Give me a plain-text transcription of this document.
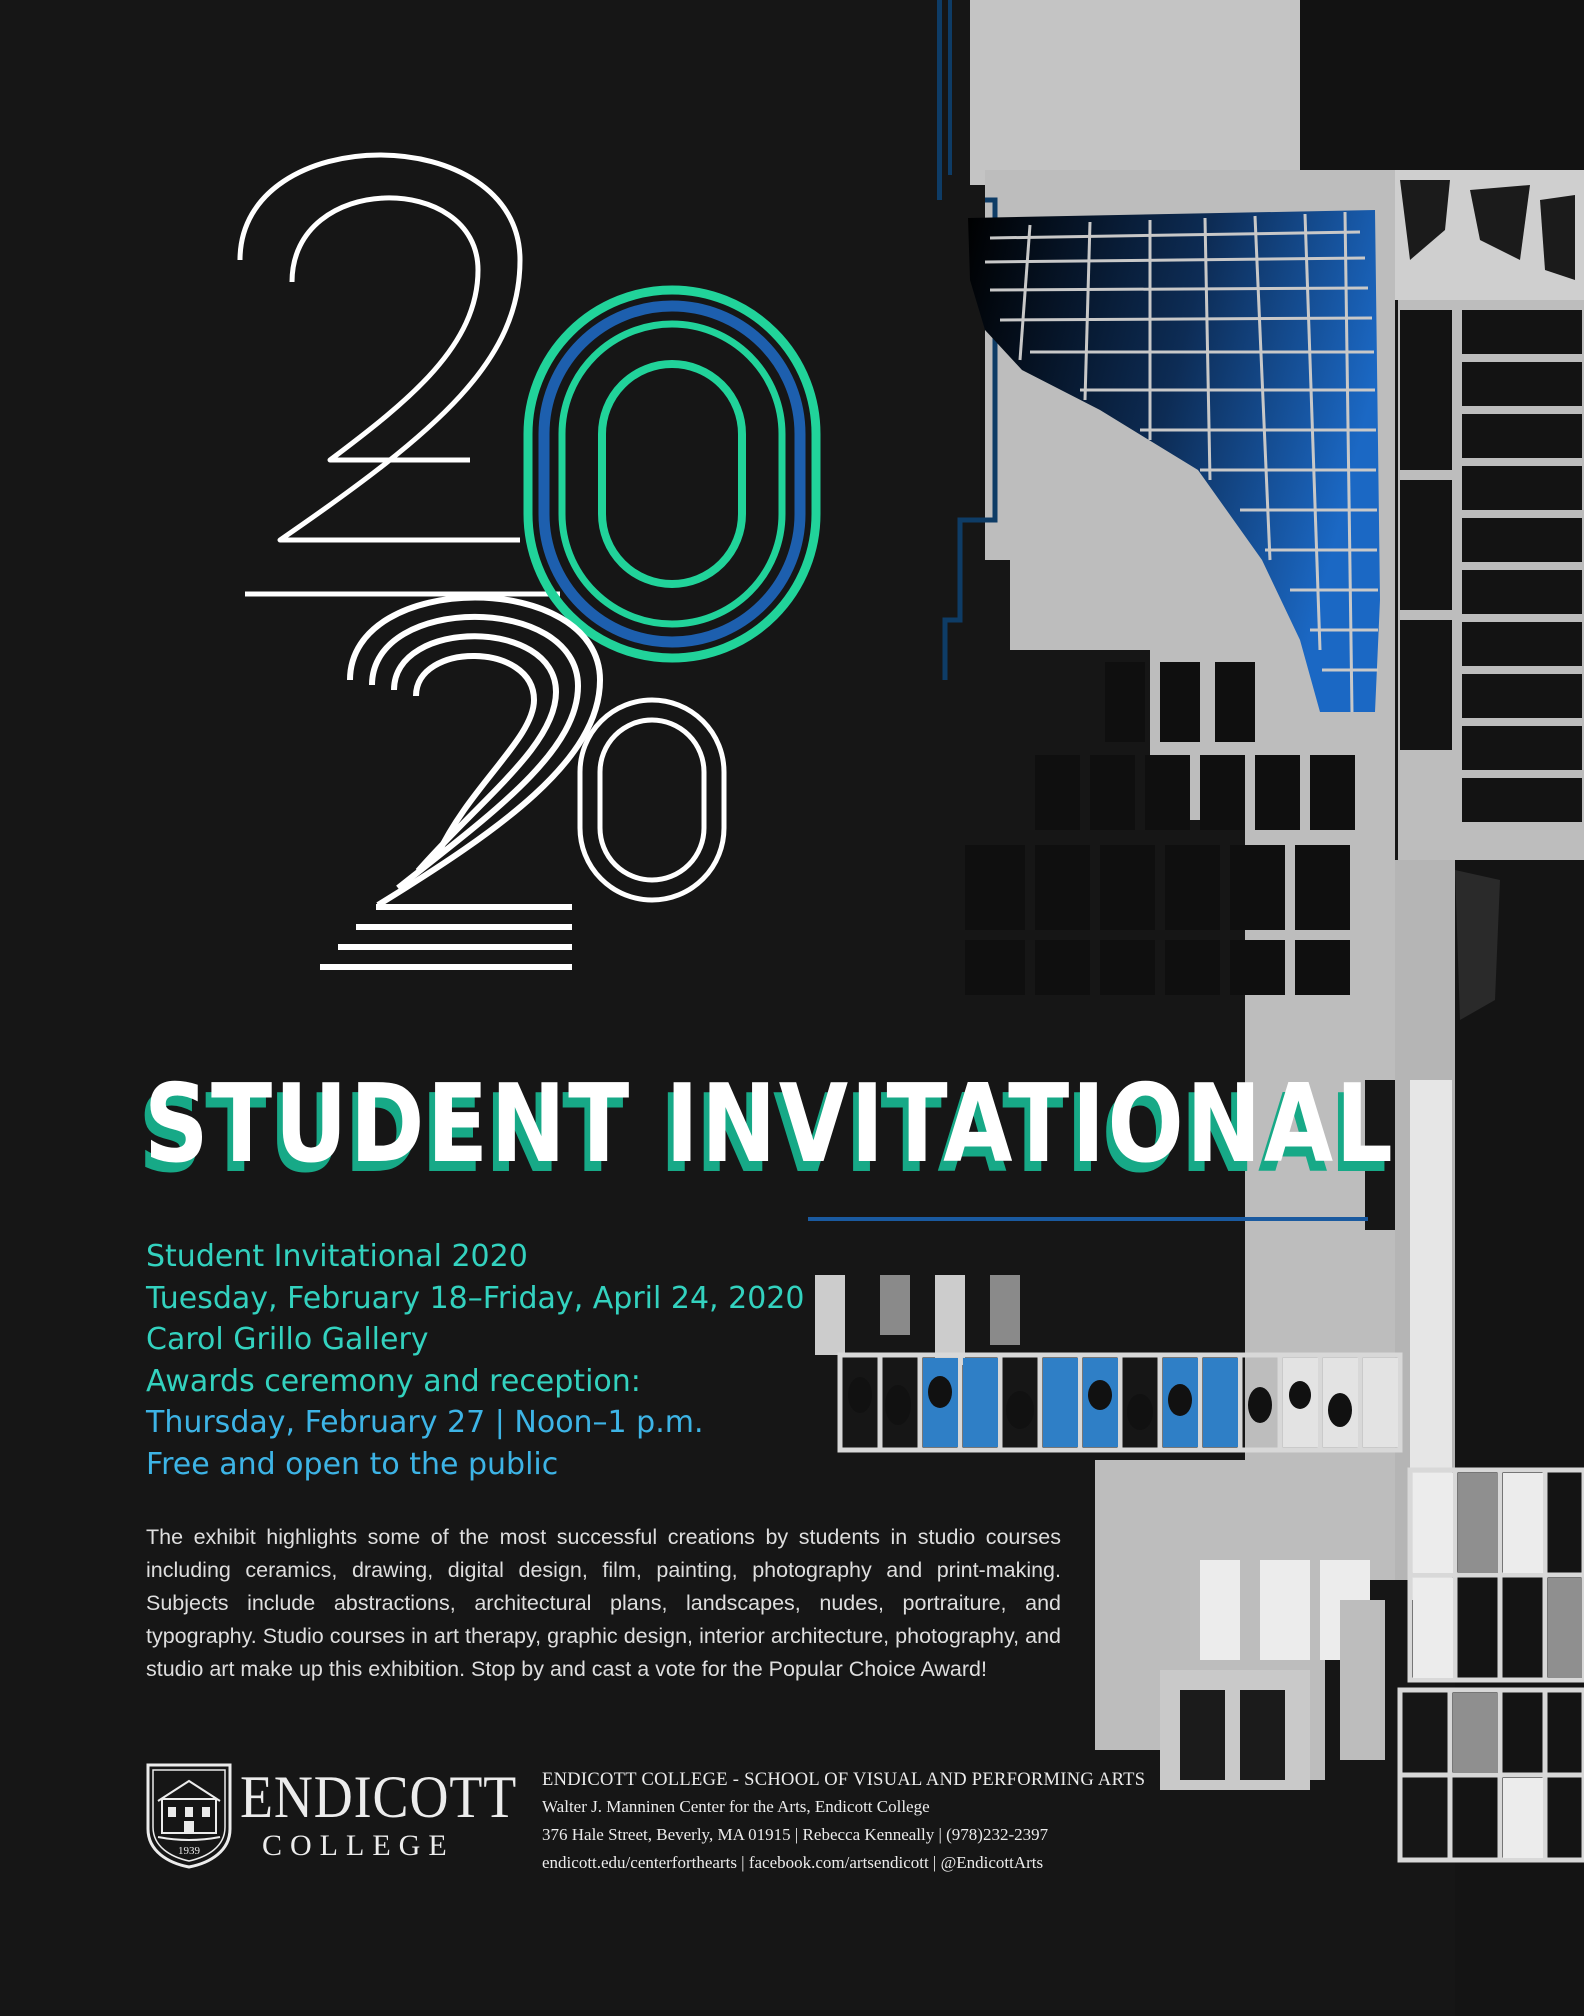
STUDENT INVITATIONAL
Student Invitational 2020
Tuesday, February 18–Friday, April 24, 2020
Carol Grillo Gallery
Awards ceremony and reception:
Thursday, February 27 | Noon–1 p.m.
Free and open to the public
The exhibit highlights some of the most successful creations by students in studio courses including ceramics, drawing, digital design, film, painting, photography and print-making. Subjects include abstractions, architectural plans, landscapes, nudes, portraiture, and typography. Studio courses in art therapy, graphic design, interior architecture, photography, and studio art make up this exhibition. Stop by and cast a vote for the Popular Choice Award!
1939
ENDICOTT
COLLEGE
ENDICOTT COLLEGE - SCHOOL OF VISUAL AND PERFORMING ARTS
Walter J. Manninen Center for the Arts, Endicott College
376 Hale Street, Beverly, MA 01915 | Rebecca Kenneally | (978)232-2397
endicott.edu/centerforthearts | facebook.com/artsendicott | @EndicottArts
